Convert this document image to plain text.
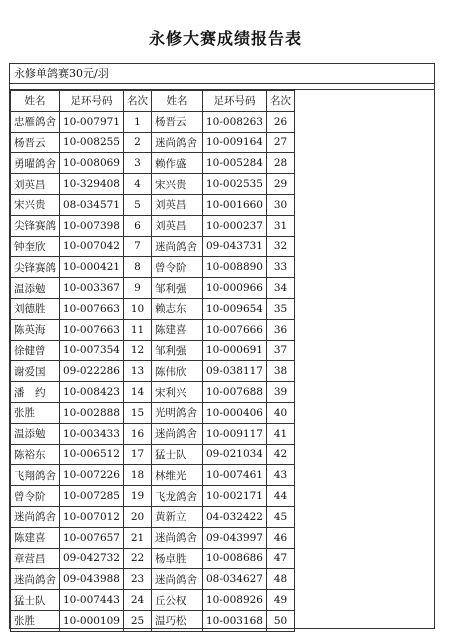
永修大赛成绩报告表
永修单鸽赛30元/羽
姓名	足环号码	名次	姓名	足环号码	名次
忠雁鸽舍	10-007971	1	杨晋云	10-008263	26
杨晋云	10-008255	2	迷尚鸽舍	10-009164	27
勇曜鸽舍	10-008069	3	赖作盛	10-005284	28
刘英昌	10-329408	4	宋兴贵	10-002535	29
宋兴贵	08-034571	5	刘英昌	10-001660	30
尖锋赛鸽	10-007398	6	刘英昌	10-000237	31
钟奎欣	10-007042	7	迷尚鸽舍	09-043731	32
尖锋赛鸽	10-000421	8	曾令阶	10-008890	33
温添勉	10-003367	9	邹利强	10-000966	34
刘德胜	10-007663	10	赖志东	10-009654	35
陈英海	10-007663	11	陈建喜	10-007666	36
徐健曾	10-007354	12	邹利强	10-000691	37
谢爱国	09-022286	13	陈伟欣	09-038117	38
潘　约	10-008423	14	宋利兴	10-007688	39
张胜	10-002888	15	光明鸽舍	10-000406	40
温添勉	10-003433	16	迷尚鸽舍	10-009117	41
陈裕东	10-006512	17	猛士队	09-021034	42
飞翔鸽舍	10-007226	18	林维光	10-007461	43
曾令阶	10-007285	19	飞龙鸽舍	10-002171	44
迷尚鸽舍	10-007012	20	黄新立	04-032422	45
陈建喜	10-007657	21	迷尚鸽舍	09-043997	46
章营昌	09-042732	22	杨卓胜	10-008686	47
迷尚鸽舍	09-043988	23	迷尚鸽舍	08-034627	48
猛士队	10-007443	24	丘公权	10-008926	49
张胜	10-000109	25	温巧松	10-003168	50
